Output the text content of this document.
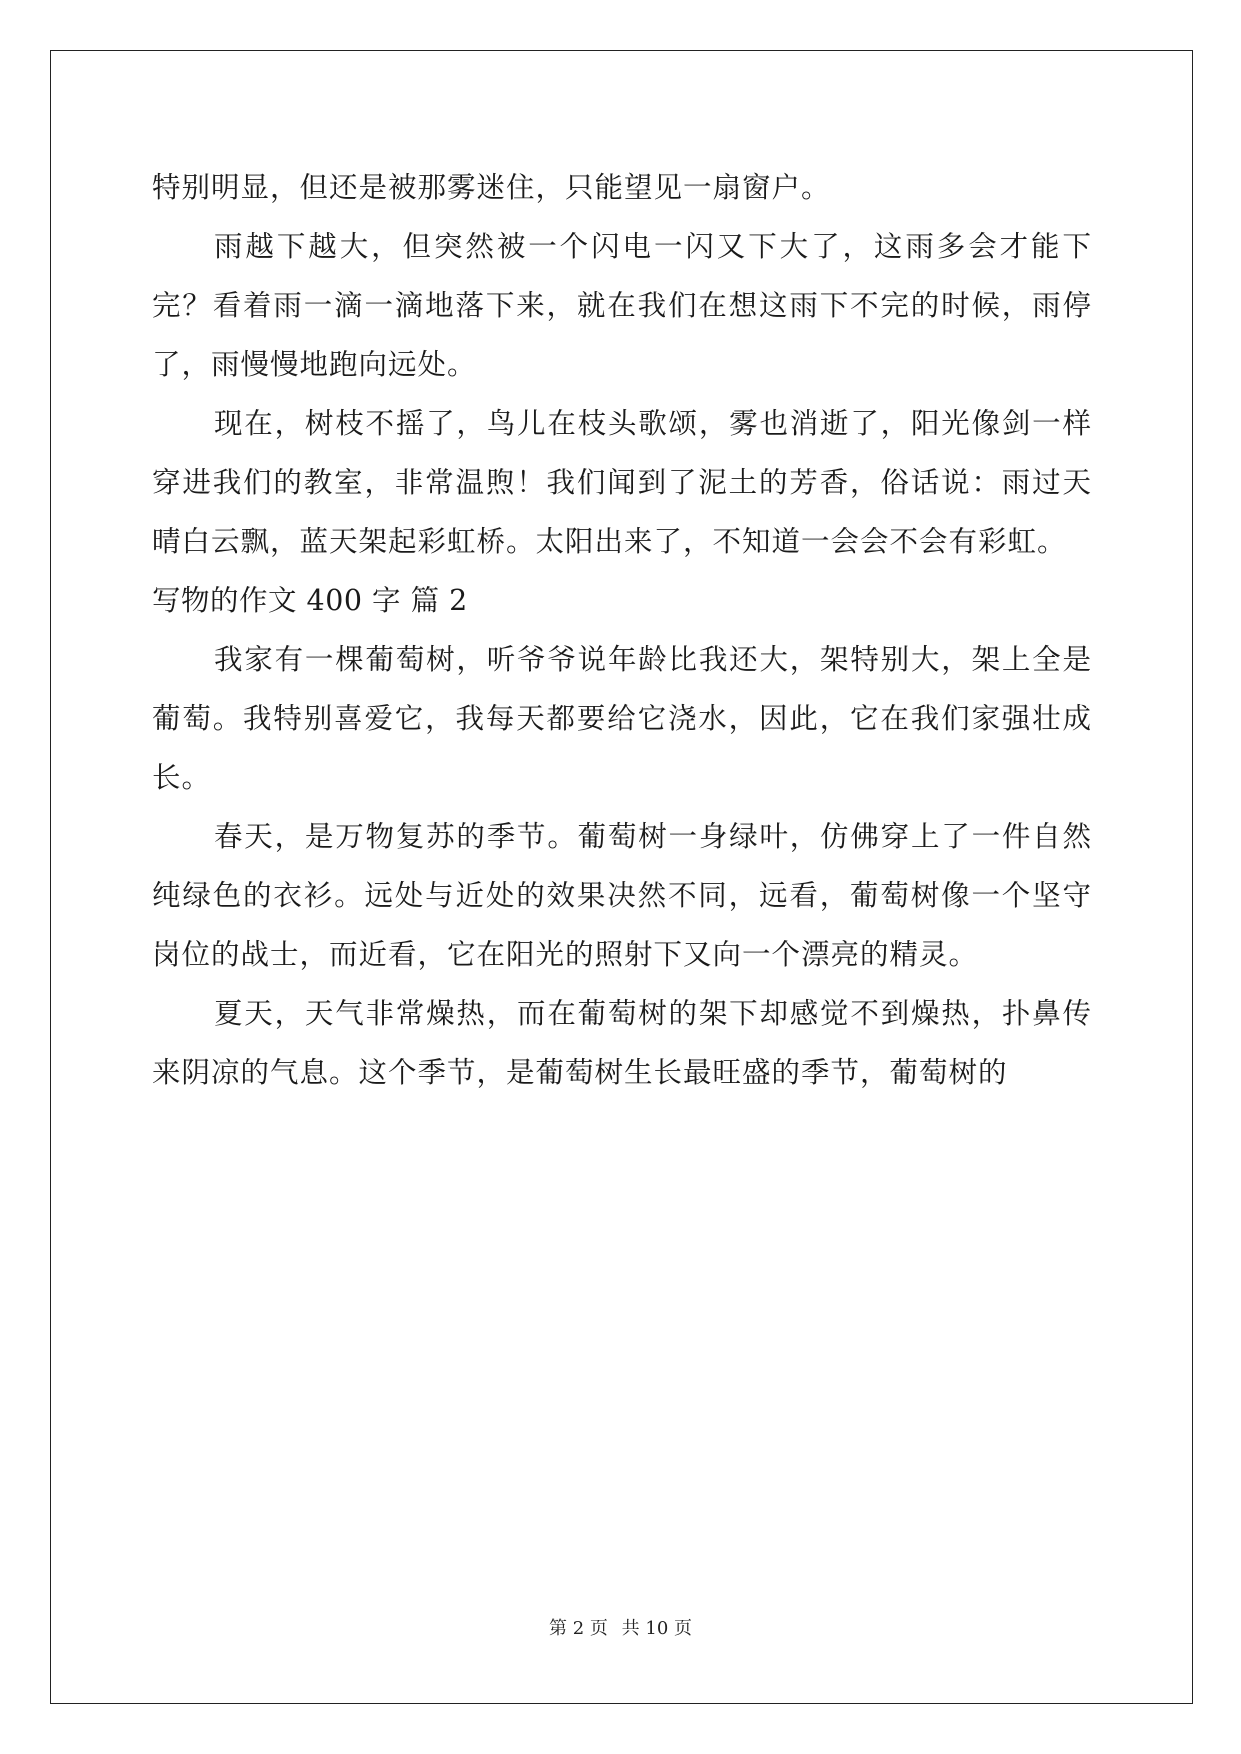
特别明显，但还是被那雾迷住，只能望见一扇窗户。

雨越下越大，但突然被一个闪电一闪又下大了，这雨多会才能下完？看着雨一滴一滴地落下来，就在我们在想这雨下不完的时候，雨停了，雨慢慢地跑向远处。

现在，树枝不摇了，鸟儿在枝头歌颂，雾也消逝了，阳光像剑一样穿进我们的教室，非常温煦！我们闻到了泥土的芳香，俗话说：雨过天晴白云飘，蓝天架起彩虹桥。太阳出来了，不知道一会会不会有彩虹。

写物的作文 400 字 篇 2

我家有一棵葡萄树，听爷爷说年龄比我还大，架特别大，架上全是葡萄。我特别喜爱它，我每天都要给它浇水，因此，它在我们家强壮成长。

春天，是万物复苏的季节。葡萄树一身绿叶，仿佛穿上了一件自然纯绿色的衣衫。远处与近处的效果决然不同，远看，葡萄树像一个坚守岗位的战士，而近看，它在阳光的照射下又向一个漂亮的精灵。

夏天，天气非常燥热，而在葡萄树的架下却感觉不到燥热，扑鼻传来阴凉的气息。这个季节，是葡萄树生长最旺盛的季节，葡萄树的

第 2 页 共 10 页
